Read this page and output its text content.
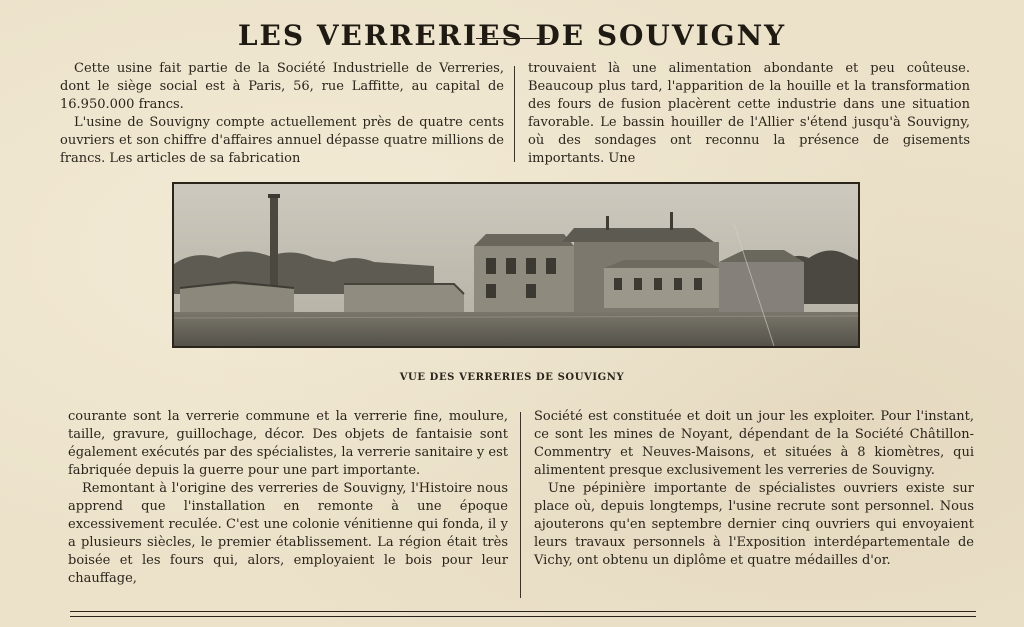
LES VERRERIES DE SOUVIGNY

Cette usine fait partie de la Société Industrielle de Verreries, dont le siège social est à Paris, 56, rue Laffitte, au capital de 16.950.000 francs.

L'usine de Souvigny compte actuellement près de quatre cents ouvriers et son chiffre d'affaires annuel dépasse quatre millions de francs. Les articles de sa fabrication

trouvaient là une alimentation abondante et peu coûteuse. Beaucoup plus tard, l'apparition de la houille et la transformation des fours de fusion placèrent cette industrie dans une situation favorable. Le bassin houiller de l'Allier s'étend jusqu'à Souvigny, où des sondages ont reconnu la présence de gisements importants. Une

VUE DES VERRERIES DE SOUVIGNY

courante sont la verrerie commune et la verrerie fine, moulure, taille, gravure, guillochage, décor. Des objets de fantaisie sont également exécutés par des spécialistes, la verrerie sanitaire y est fabriquée depuis la guerre pour une part importante.

Remontant à l'origine des verreries de Souvigny, l'Histoire nous apprend que l'installation en remonte à une époque excessivement reculée. C'est une colonie vénitienne qui fonda, il y a plusieurs siècles, le premier établissement. La région était très boisée et les fours qui, alors, employaient le bois pour leur chauffage,

Société est constituée et doit un jour les exploiter. Pour l'instant, ce sont les mines de Noyant, dépendant de la Société Châtillon-Commentry et Neuves-Maisons, et situées à 8 kiomètres, qui alimentent presque exclusivement les verreries de Souvigny.

Une pépinière importante de spécialistes ouvriers existe sur place où, depuis longtemps, l'usine recrute sont personnel. Nous ajouterons qu'en septembre dernier cinq ouvriers qui envoyaient leurs travaux personnels à l'Exposition interdépartementale de Vichy, ont obtenu un diplôme et quatre médailles d'or.
